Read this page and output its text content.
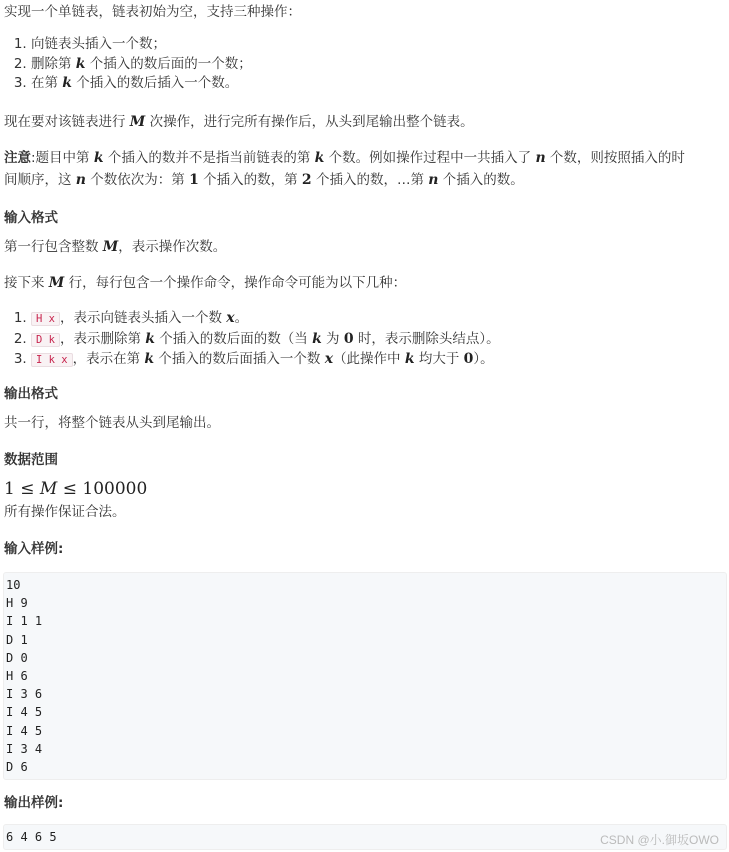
实现一个单链表，链表初始为空，支持三种操作：

1. 向链表头插入一个数；
2. 删除第 k 个插入的数后面的一个数；
3. 在第 k 个插入的数后插入一个数。

现在要对该链表进行 M 次操作，进行完所有操作后，从头到尾输出整个链表。

注意:题目中第 k 个插入的数并不是指当前链表的第 k 个数。例如操作过程中一共插入了 n 个数，则按照插入的时
间顺序，这 n 个数依次为：第 1 个插入的数，第 2 个插入的数，…第 n 个插入的数。

输入格式

第一行包含整数 M，表示操作次数。

接下来 M 行，每行包含一个操作命令，操作命令可能为以下几种：

1. H x ，表示向链表头插入一个数 x。
2. D k ，表示删除第 k 个插入的数后面的数（当 k 为 0 时，表示删除头结点）。
3. I k x ，表示在第 k 个插入的数后面插入一个数 x（此操作中 k 均大于 0）。
输出格式

共一行，将整个链表从头到尾输出。

数据范围

1 ≤ M ≤ 100000

所有操作保证合法。

输入样例:
10
H 9
I 1 1
D 1
D 0
H 6
I 3 6
I 4 5
I 4 5
I 3 4
D 6
输出样例:
6 4 6 5	CSDN @小.御坂OWO
